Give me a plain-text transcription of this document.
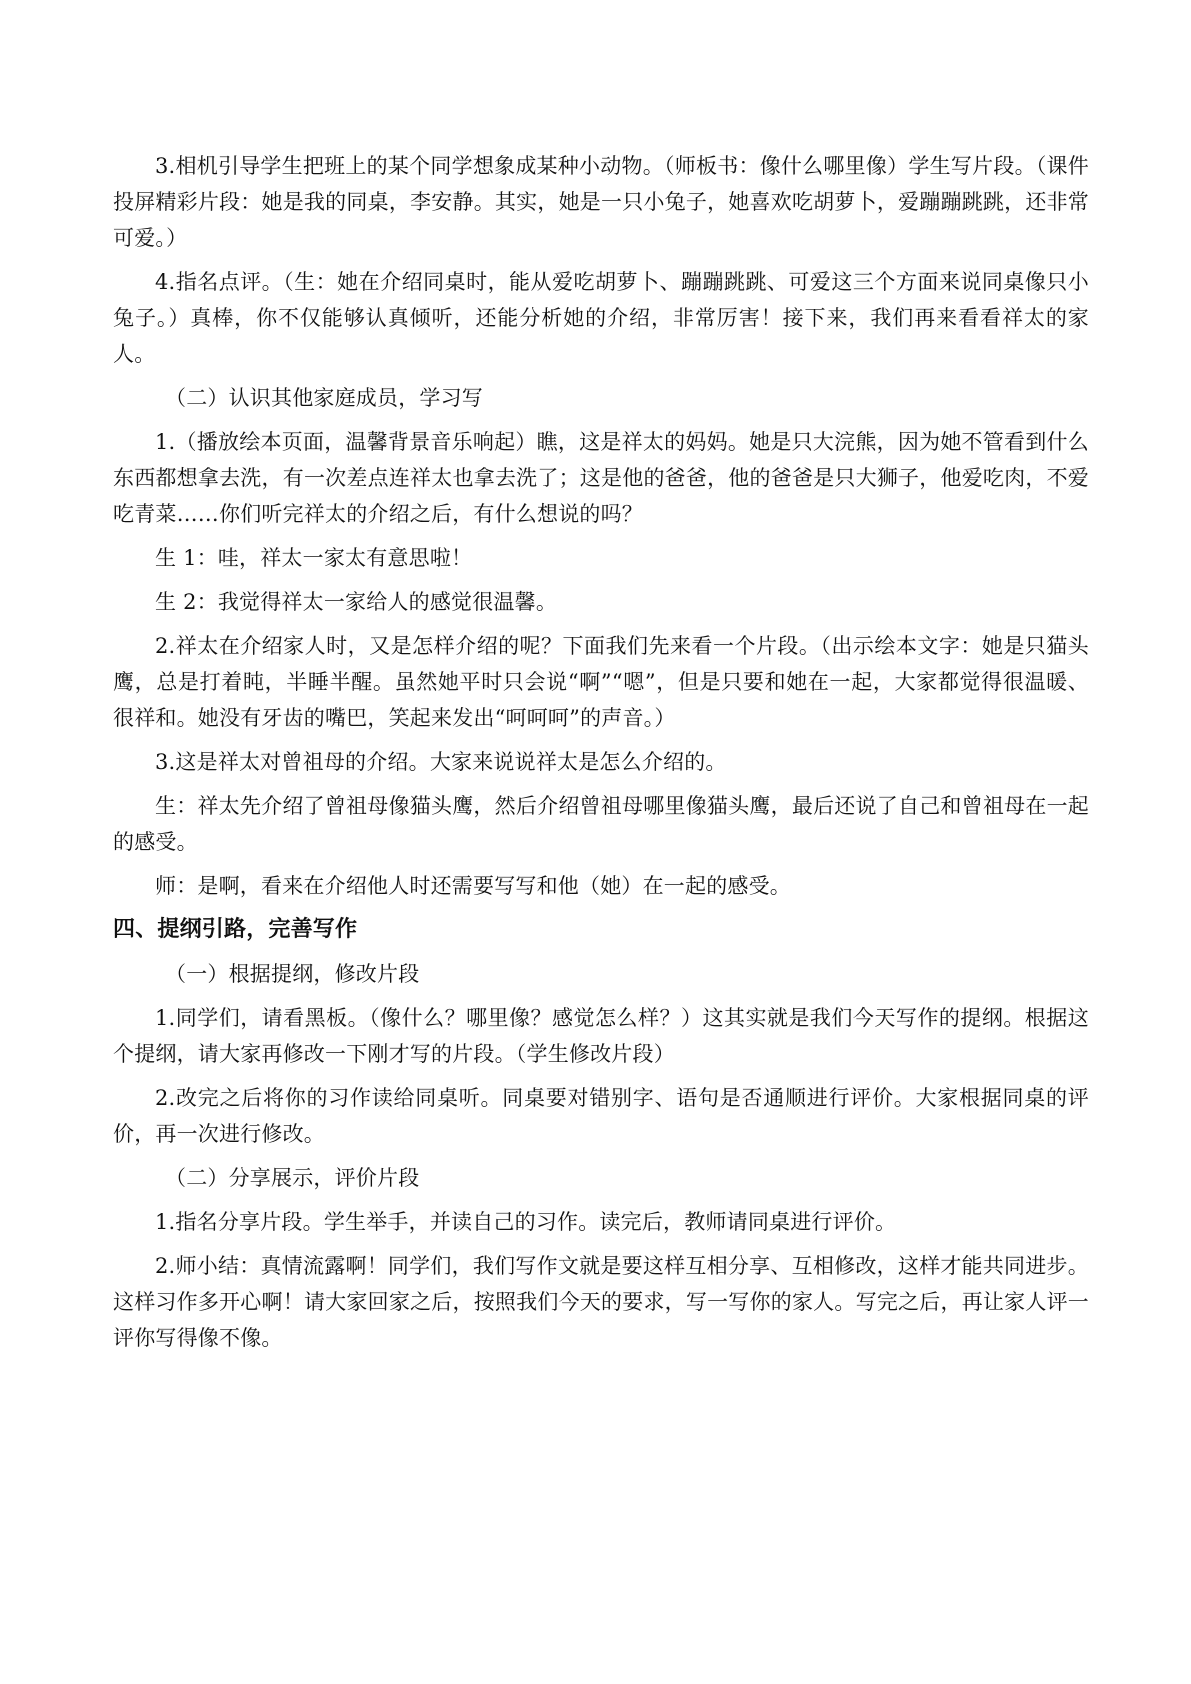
3.相机引导学生把班上的某个同学想象成某种小动物。（师板书：像什么哪里像）学生写片段。（课件投屏精彩片段：她是我的同桌，李安静。其实，她是一只小兔子，她喜欢吃胡萝卜，爱蹦蹦跳跳，还非常可爱。）

4.指名点评。（生：她在介绍同桌时，能从爱吃胡萝卜、蹦蹦跳跳、可爱这三个方面来说同桌像只小兔子。）真棒，你不仅能够认真倾听，还能分析她的介绍，非常厉害！接下来，我们再来看看祥太的家人。

（二）认识其他家庭成员，学习写

1.（播放绘本页面，温馨背景音乐响起）瞧，这是祥太的妈妈。她是只大浣熊，因为她不管看到什么东西都想拿去洗，有一次差点连祥太也拿去洗了；这是他的爸爸，他的爸爸是只大狮子，他爱吃肉，不爱吃青菜……你们听完祥太的介绍之后，有什么想说的吗？

生 1：哇，祥太一家太有意思啦！

生 2：我觉得祥太一家给人的感觉很温馨。

2.祥太在介绍家人时，又是怎样介绍的呢？下面我们先来看一个片段。（出示绘本文字：她是只猫头鹰，总是打着盹，半睡半醒。虽然她平时只会说“啊”“嗯”，但是只要和她在一起，大家都觉得很温暖、很祥和。她没有牙齿的嘴巴，笑起来发出“呵呵呵”的声音。）

3.这是祥太对曾祖母的介绍。大家来说说祥太是怎么介绍的。

生：祥太先介绍了曾祖母像猫头鹰，然后介绍曾祖母哪里像猫头鹰，最后还说了自己和曾祖母在一起的感受。

师：是啊，看来在介绍他人时还需要写写和他（她）在一起的感受。

四、提纲引路，完善写作

（一）根据提纲，修改片段

1.同学们，请看黑板。（像什么？哪里像？感觉怎么样？）这其实就是我们今天写作的提纲。根据这个提纲，请大家再修改一下刚才写的片段。（学生修改片段）

2.改完之后将你的习作读给同桌听。同桌要对错别字、语句是否通顺进行评价。大家根据同桌的评价，再一次进行修改。

（二）分享展示，评价片段

1.指名分享片段。学生举手，并读自己的习作。读完后，教师请同桌进行评价。

2.师小结：真情流露啊！同学们，我们写作文就是要这样互相分享、互相修改，这样才能共同进步。这样习作多开心啊！请大家回家之后，按照我们今天的要求，写一写你的家人。写完之后，再让家人评一评你写得像不像。
